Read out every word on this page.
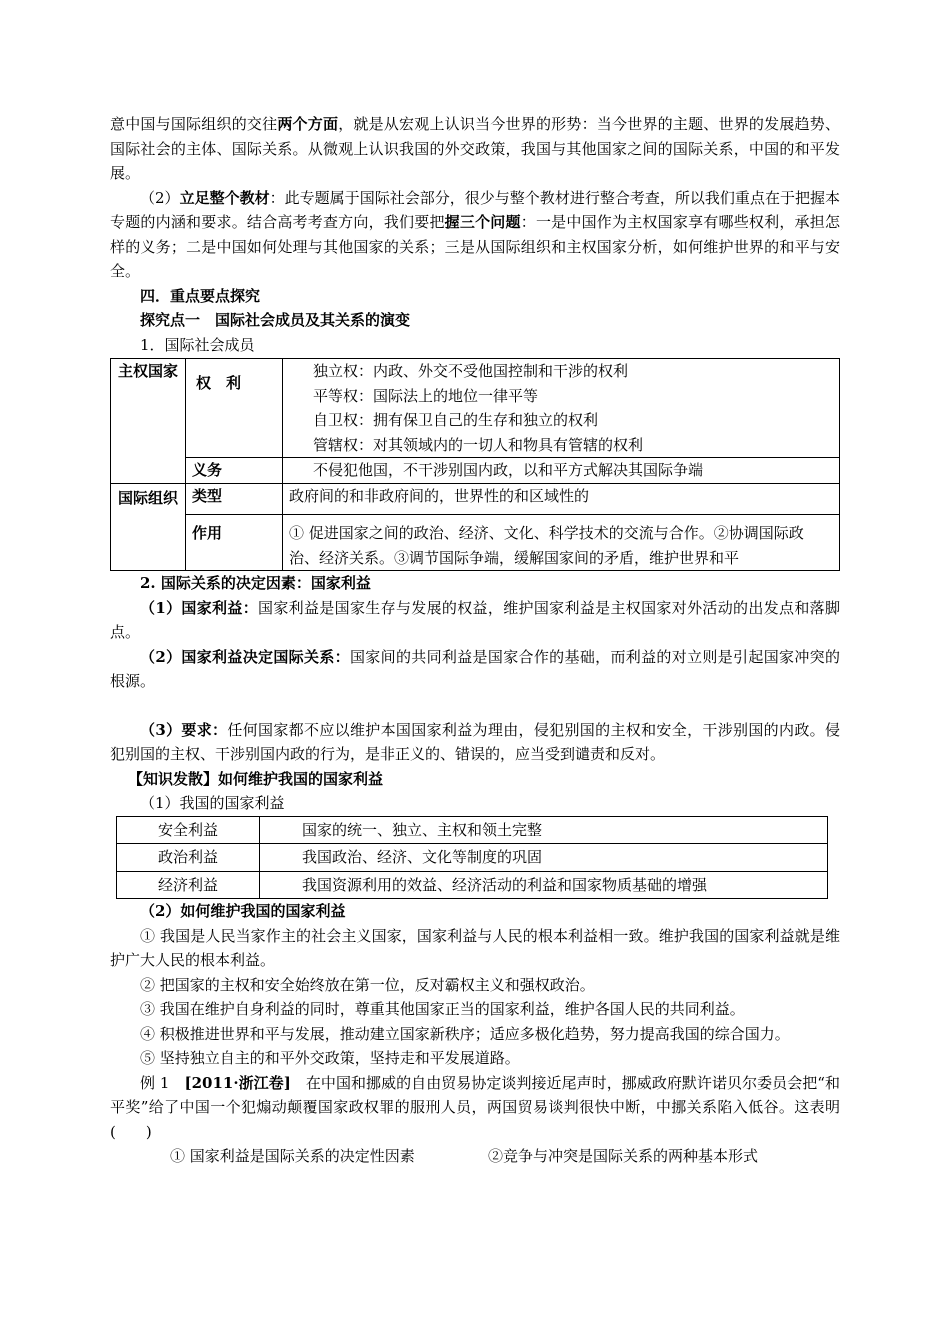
意中国与国际组织的交往两个方面，就是从宏观上认识当今世界的形势：当今世界的主题、世界的发展趋势、国际社会的主体、国际关系。从微观上认识我国的外交政策，我国与其他国家之间的国际关系，中国的和平发展。

（2）立足整个教材：此专题属于国际社会部分，很少与整个教材进行整合考查，所以我们重点在于把握本专题的内涵和要求。结合高考考查方向，我们要把握三个问题：一是中国作为主权国家享有哪些权利，承担怎样的义务；二是中国如何处理与其他国家的关系；三是从国际组织和主权国家分析，如何维护世界的和平与安全。

四．重点要点探究

探究点一　国际社会成员及其关系的演变

1．国际社会成员

主权国家	权　利	独立权：内政、外交不受他国控制和干涉的权利
平等权：国际法上的地位一律平等
自卫权：拥有保卫自己的生存和独立的权利
管辖权：对其领域内的一切人和物具有管辖的权利

	义务	不侵犯他国，不干涉别国内政，以和平方式解决其国际争端
国际组织	类型	政府间的和非政府间的，世界性的和区域性的
	作用	① 促进国家之间的政治、经济、文化、科学技术的交流与合作。②协调国际政治、经济关系。③调节国际争端，缓解国家间的矛盾，维护世界和平

2. 国际关系的决定因素：国家利益

（1）国家利益：国家利益是国家生存与发展的权益，维护国家利益是主权国家对外活动的出发点和落脚点。

（2）国家利益决定国际关系：国家间的共同利益是国家合作的基础，而利益的对立则是引起国家冲突的根源。

（3）要求：任何国家都不应以维护本国国家利益为理由，侵犯别国的主权和安全，干涉别国的内政。侵犯别国的主权、干涉别国内政的行为，是非正义的、错误的，应当受到谴责和反对。

【知识发散】如何维护我国的国家利益

（1）我国的国家利益

安全利益	国家的统一、独立、主权和领土完整
政治利益	我国政治、经济、文化等制度的巩固
经济利益	我国资源利用的效益、经济活动的利益和国家物质基础的增强

（2）如何维护我国的国家利益

① 我国是人民当家作主的社会主义国家，国家利益与人民的根本利益相一致。维护我国的国家利益就是维护广大人民的根本利益。

② 把国家的主权和安全始终放在第一位，反对霸权主义和强权政治。

③ 我国在维护自身利益的同时，尊重其他国家正当的国家利益，维护各国人民的共同利益。

④ 积极推进世界和平与发展，推动建立国家新秩序；适应多极化趋势，努力提高我国的综合国力。

⑤ 坚持独立自主的和平外交政策，坚持走和平发展道路。

例 1　[2011·浙江卷]　在中国和挪威的自由贸易协定谈判接近尾声时，挪威政府默许诺贝尔委员会把“和平奖”给了中国一个犯煽动颠覆国家政权罪的服刑人员，两国贸易谈判很快中断，中挪关系陷入低谷。这表明(　　)

① 国家利益是国际关系的决定性因素	②竞争与冲突是国际关系的两种基本形式
